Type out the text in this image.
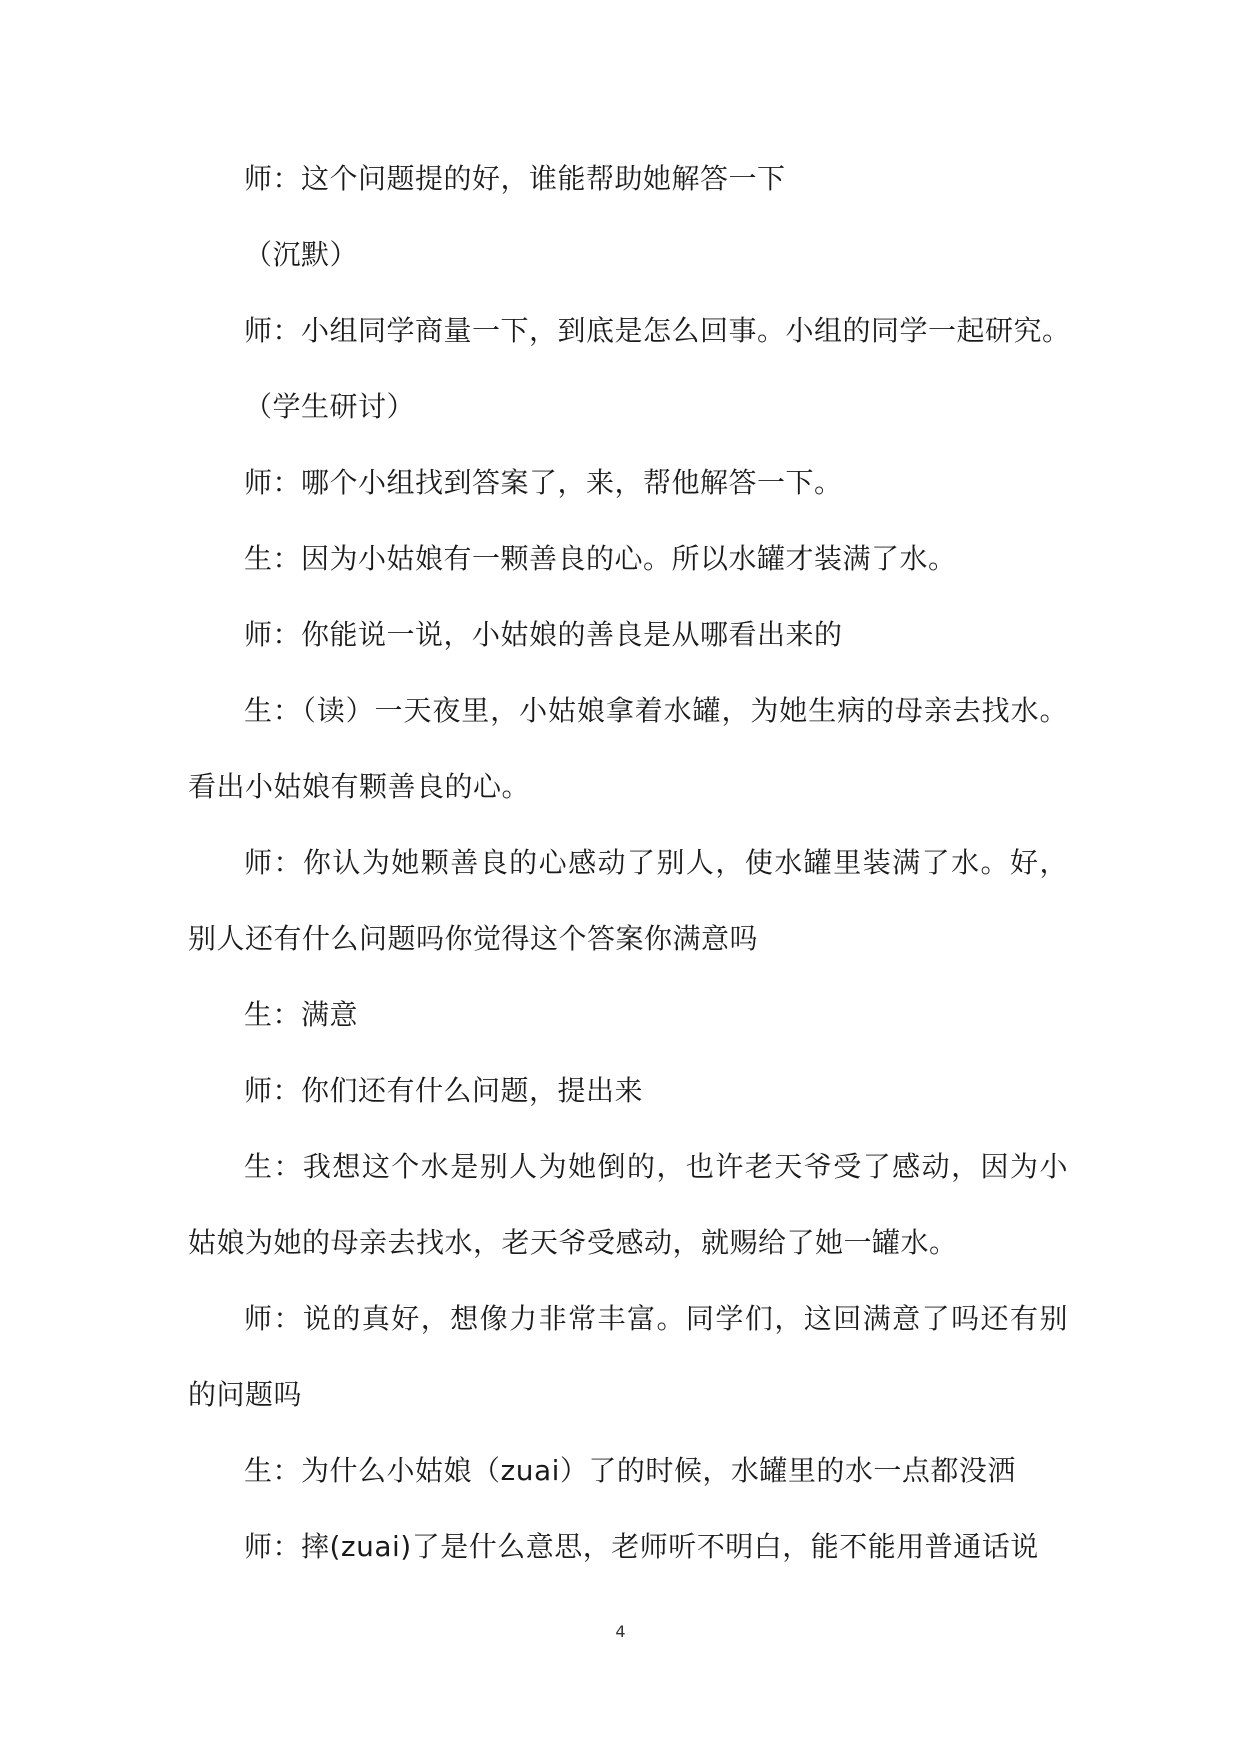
师：这个问题提的好，谁能帮助她解答一下

（沉默）

师：小组同学商量一下，到底是怎么回事。小组的同学一起研究。

（学生研讨）

师：哪个小组找到答案了，来，帮他解答一下。

生：因为小姑娘有一颗善良的心。所以水罐才装满了水。

师：你能说一说，小姑娘的善良是从哪看出来的

生：（读）一天夜里，小姑娘拿着水罐，为她生病的母亲去找水。看出小姑娘有颗善良的心。

师：你认为她颗善良的心感动了别人，使水罐里装满了水。好，别人还有什么问题吗你觉得这个答案你满意吗

生：满意

师：你们还有什么问题，提出来

生：我想这个水是别人为她倒的，也许老天爷受了感动，因为小姑娘为她的母亲去找水，老天爷受感动，就赐给了她一罐水。

师：说的真好，想像力非常丰富。同学们，这回满意了吗还有别的问题吗

生：为什么小姑娘（zuai）了的时候，水罐里的水一点都没洒

师：摔(zuai)了是什么意思，老师听不明白，能不能用普通话说

4
